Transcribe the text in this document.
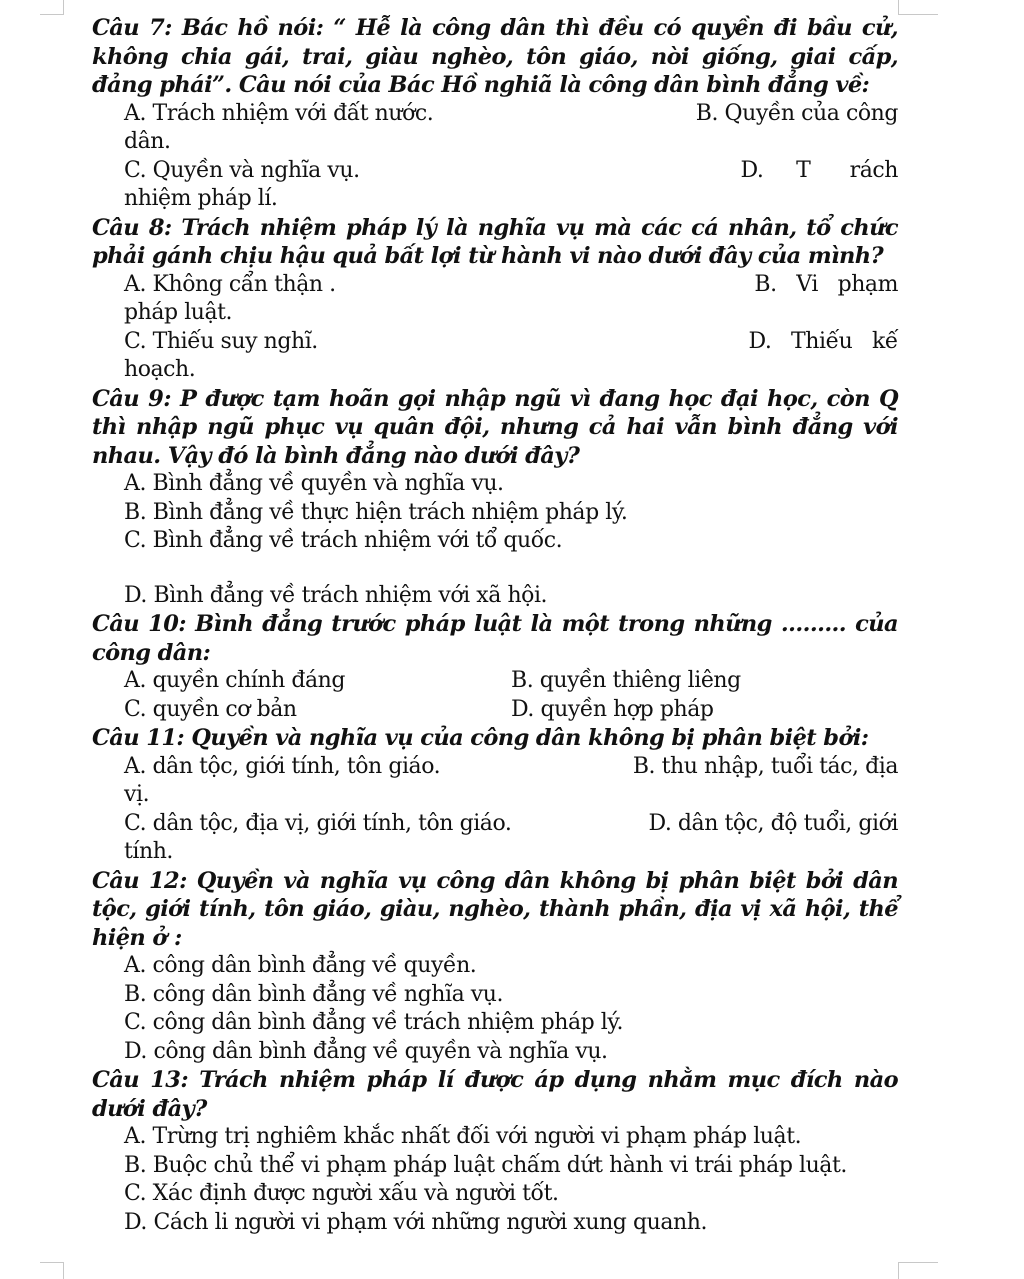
Câu 7: Bác hồ nói: “ Hễ là công dân thì đều có quyền đi bầu cử, không chia gái, trai, giàu nghèo, tôn giáo, nòi giống, giai cấp, đảng phái”. Câu nói của Bác Hồ nghiã là công dân bình đẳng về:

A. Trách nhiệm với đất nước.	B. Quyền của công

dân.

C. Quyền và nghĩa vụ.	D.     T      rách

nhiệm pháp lí.

Câu 8: Trách nhiệm pháp lý là nghĩa vụ mà các cá nhân, tổ chức phải gánh chịu hậu quả bất lợi từ hành vi nào dưới đây của mình?

A. Không cẩn thận .	B.   Vi   phạm

pháp luật.

C. Thiếu suy nghĩ.	D.   Thiếu   kế

hoạch.

Câu 9: P được tạm hoãn gọi nhập ngũ vì đang học đại học, còn Q thì nhập ngũ phục vụ quân đội, nhưng cả hai vẫn bình đẳng với nhau. Vậy đó là bình đẳng nào dưới đây?

A. Bình đẳng về quyền và nghĩa vụ.

B. Bình đẳng về thực hiện trách nhiệm pháp lý.

C. Bình đẳng về trách nhiệm với tổ quốc.

D. Bình đẳng về trách nhiệm với xã hội.

Câu 10: Bình đẳng trước pháp luật là một trong những ......... của công dân:

A. quyền chính đáng	B. quyền thiêng liêng

C. quyền cơ bản	D. quyền hợp pháp

Câu 11: Quyền và nghĩa vụ của công dân không bị phân biệt bởi:

A. dân tộc, giới tính, tôn giáo.	B. thu nhập, tuổi tác, địa

vị.

C. dân tộc, địa vị, giới tính, tôn giáo.	D. dân tộc, độ tuổi, giới

tính.

Câu 12: Quyền và nghĩa vụ công dân không bị phân biệt bởi dân tộc, giới tính, tôn giáo, giàu, nghèo, thành phần, địa vị xã hội, thể hiện ở :

A. công dân bình đẳng về quyền.

B. công dân bình đẳng về nghĩa vụ.

C. công dân bình đẳng về trách nhiệm pháp lý.

D. công dân bình đẳng về quyền và nghĩa vụ.

Câu 13: Trách nhiệm pháp lí được áp dụng nhằm mục đích nào dưới đây?

A. Trừng trị nghiêm khắc nhất đối với người vi phạm pháp luật.

B. Buộc chủ thể vi phạm pháp luật chấm dứt hành vi trái pháp luật.

C. Xác định được người xấu và người tốt.

D. Cách li người vi phạm với những người xung quanh.
